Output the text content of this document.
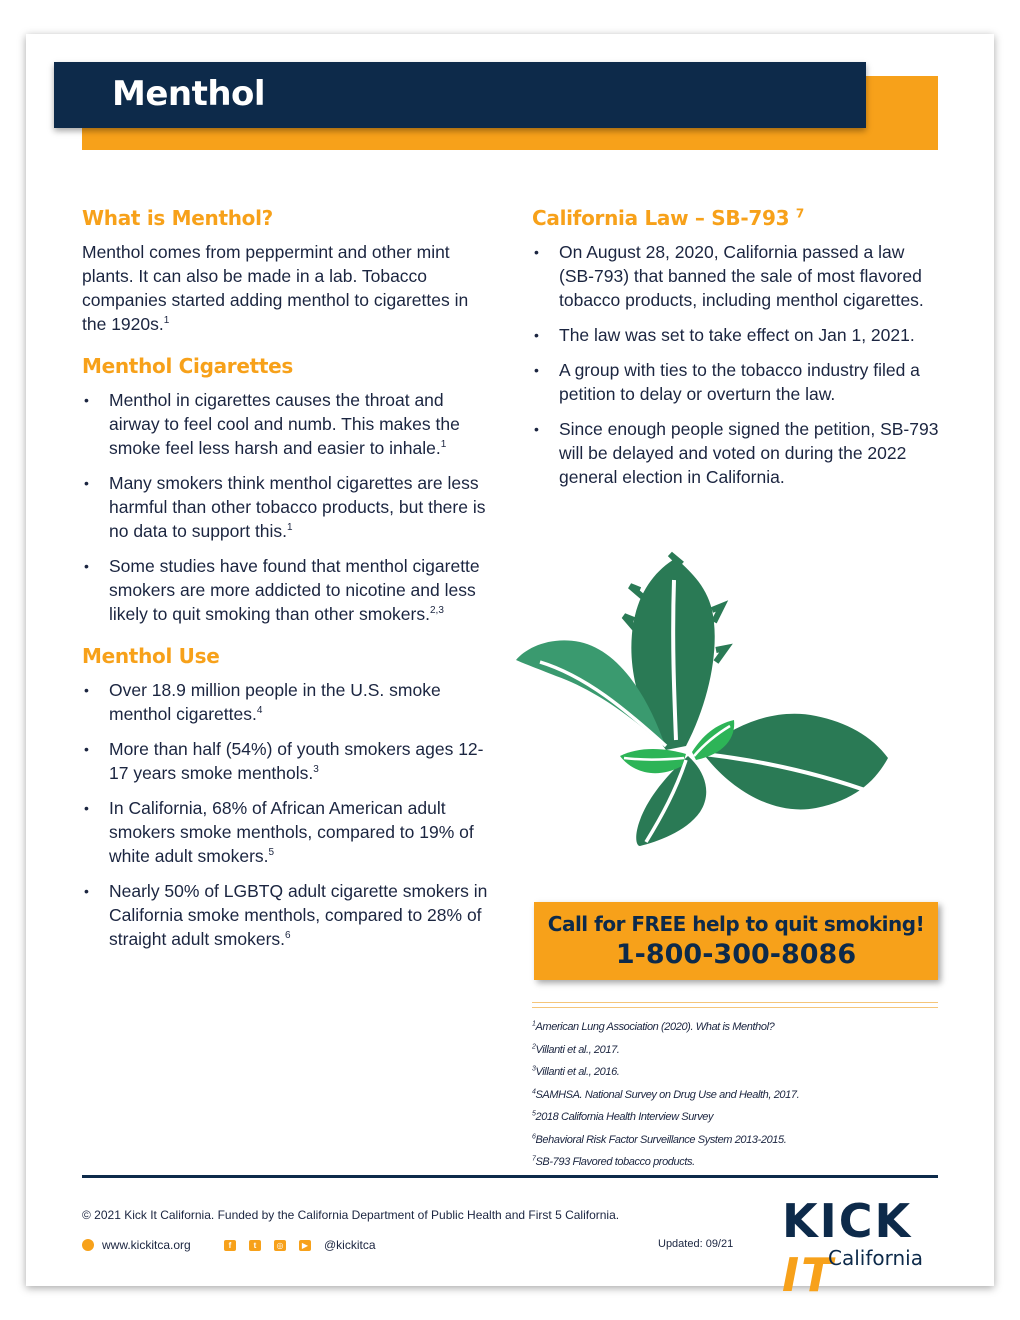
Menthol
What is Menthol?

Menthol comes from peppermint and other mint plants. It can also be made in a lab. Tobacco companies started adding menthol to cigarettes in the 1920s.$^1$

Menthol Cigarettes
• Menthol in cigarettes causes the throat and airway to feel cool and numb. This makes the smoke feel less harsh and easier to inhale.$^1$
• Many smokers think menthol cigarettes are less harmful than other tobacco products, but there is no data to support this.$^1$
• Some studies have found that menthol cigarette smokers are more addicted to nicotine and less likely to quit smoking than other smokers.$^{2,3}$
Menthol Use
• Over 18.9 million people in the U.S. smoke menthol cigarettes.$^4$
• More than half (54%) of youth smokers ages 12-17 years smoke menthols.$^3$
• In California, 68% of African American adult smokers smoke menthols, compared to 19% of white adult smokers.$^5$
• Nearly 50% of LGBTQ adult cigarette smokers in California smoke menthols, compared to 28% of straight adult smokers.$^6$
California Law – SB-793 $^7$
• On August 28, 2020, California passed a law (SB-793) that banned the sale of most flavored tobacco products, including menthol cigarettes.
• The law was set to take effect on Jan 1, 2021.
• A group with ties to the tobacco industry filed a petition to delay or overturn the law.
• Since enough people signed the petition, SB-793 will be delayed and voted on during the 2022 general election in California.
Call for FREE help to quit smoking!
1-800-300-8086
$^1$American Lung Association (2020). What is Menthol?
$^2$Villanti et al., 2017.
$^3$Villanti et al., 2016.
$^4$SAMHSA. National Survey on Drug Use and Health, 2017.
$^5$2018 California Health Interview Survey
$^6$Behavioral Risk Factor Surveillance System 2013-2015.
$^7$SB-793 Flavored tobacco products.
© 2021 Kick It California. Funded by the California Department of Public Health and First 5 California.
www.kickitca.org	f	t	◎	▶ @kickitca	Updated: 09/21 KICK IT
California
